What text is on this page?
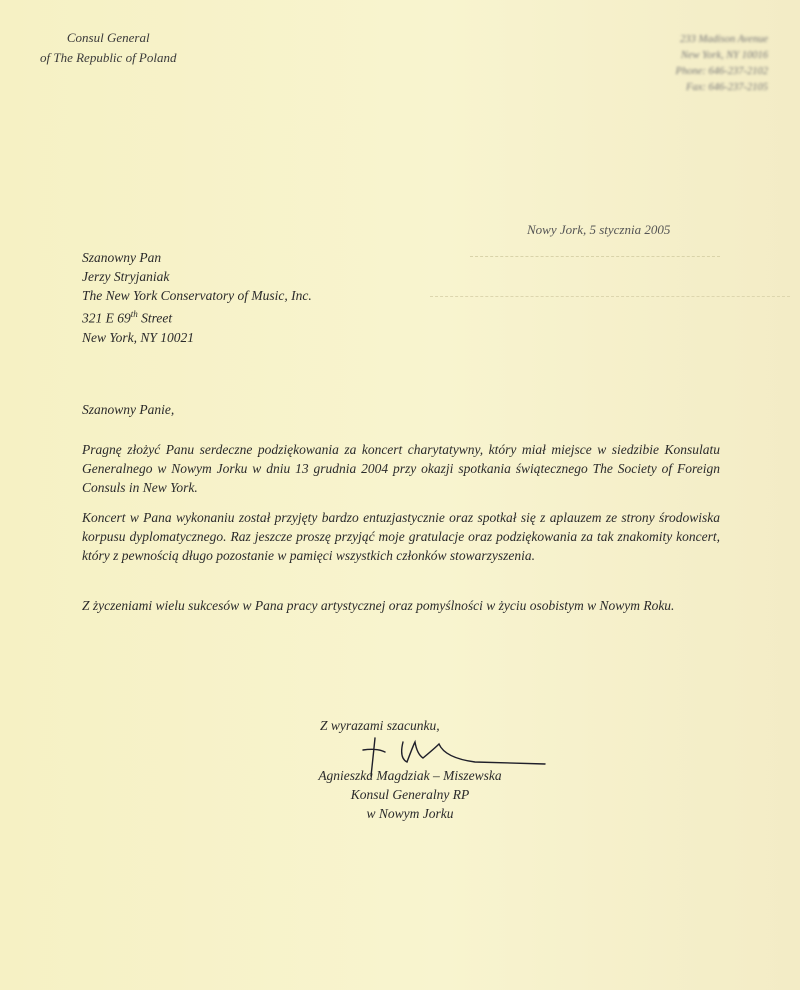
Consul General
of The Republic of Poland
233 Madison Avenue
New York, NY 10016
Phone: 646-237-2102
Fax: 646-237-2105
Nowy Jork, 5 stycznia 2005
Szanowny Pan
Jerzy Stryjaniak
The New York Conservatory of Music, Inc.
321 E 69th Street
New York, NY 10021
Szanowny Panie,
Pragnę złożyć Panu serdeczne podziękowania za koncert charytatywny, który miał miejsce w siedzibie Konsulatu Generalnego w Nowym Jorku w dniu 13 grudnia 2004 przy okazji spotkania świątecznego The Society of Foreign Consuls in New York.
Koncert w Pana wykonaniu został przyjęty bardzo entuzjastycznie oraz spotkał się z aplauzem ze strony środowiska korpusu dyplomatycznego. Raz jeszcze proszę przyjąć moje gratulacje oraz podziękowania za tak znakomity koncert, który z pewnością długo pozostanie w pamięci wszystkich członków stowarzyszenia.
Z życzeniami wielu sukcesów w Pana pracy artystycznej oraz pomyślności w życiu osobistym w Nowym Roku.
Z wyrazami szacunku,
Agnieszka Magdziak – Miszewska
Konsul Generalny RP
w Nowym Jorku
